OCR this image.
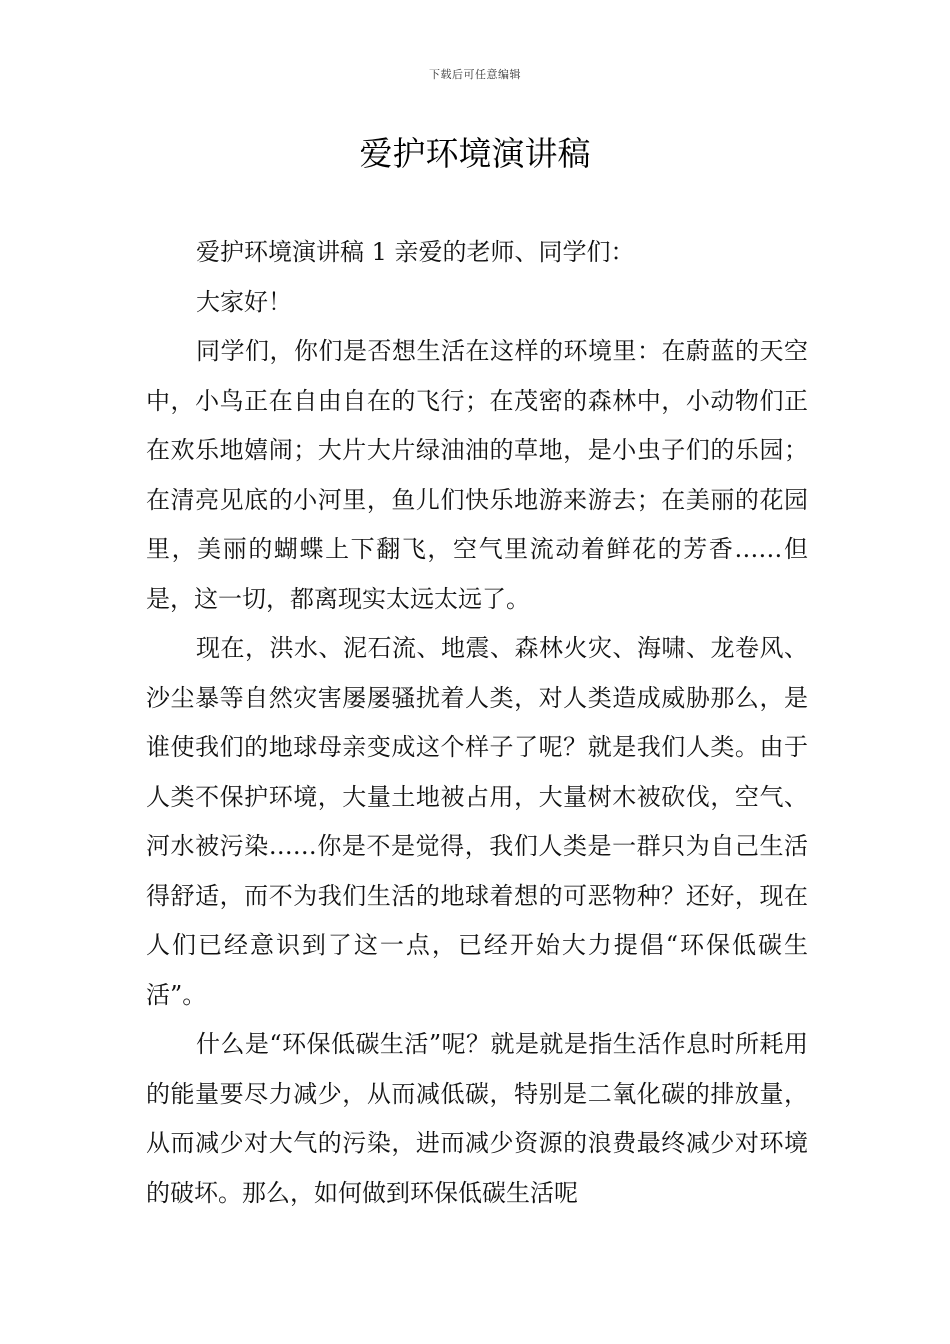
下载后可任意编辑
爱护环境演讲稿

爱护环境演讲稿 1 亲爱的老师、同学们：

大家好！

同学们，你们是否想生活在这样的环境里：在蔚蓝的天空中，小鸟正在自由自在的飞行；在茂密的森林中，小动物们正在欢乐地嬉闹；大片大片绿油油的草地，是小虫子们的乐园；在清亮见底的小河里，鱼儿们快乐地游来游去；在美丽的花园里，美丽的蝴蝶上下翻飞，空气里流动着鲜花的芳香……但是，这一切，都离现实太远太远了。

现在，洪水、泥石流、地震、森林火灾、海啸、龙卷风、沙尘暴等自然灾害屡屡骚扰着人类，对人类造成威胁那么，是谁使我们的地球母亲变成这个样子了呢？就是我们人类。由于人类不保护环境，大量土地被占用，大量树木被砍伐，空气、河水被污染……你是不是觉得，我们人类是一群只为自己生活得舒适，而不为我们生活的地球着想的可恶物种？还好，现在人们已经意识到了这一点，已经开始大力提倡“环保低碳生活”。

什么是“环保低碳生活”呢？就是就是指生活作息时所耗用的能量要尽力减少，从而减低碳，特别是二氧化碳的排放量，从而减少对大气的污染，进而减少资源的浪费最终减少对环境的破坏。那么，如何做到环保低碳生活呢
